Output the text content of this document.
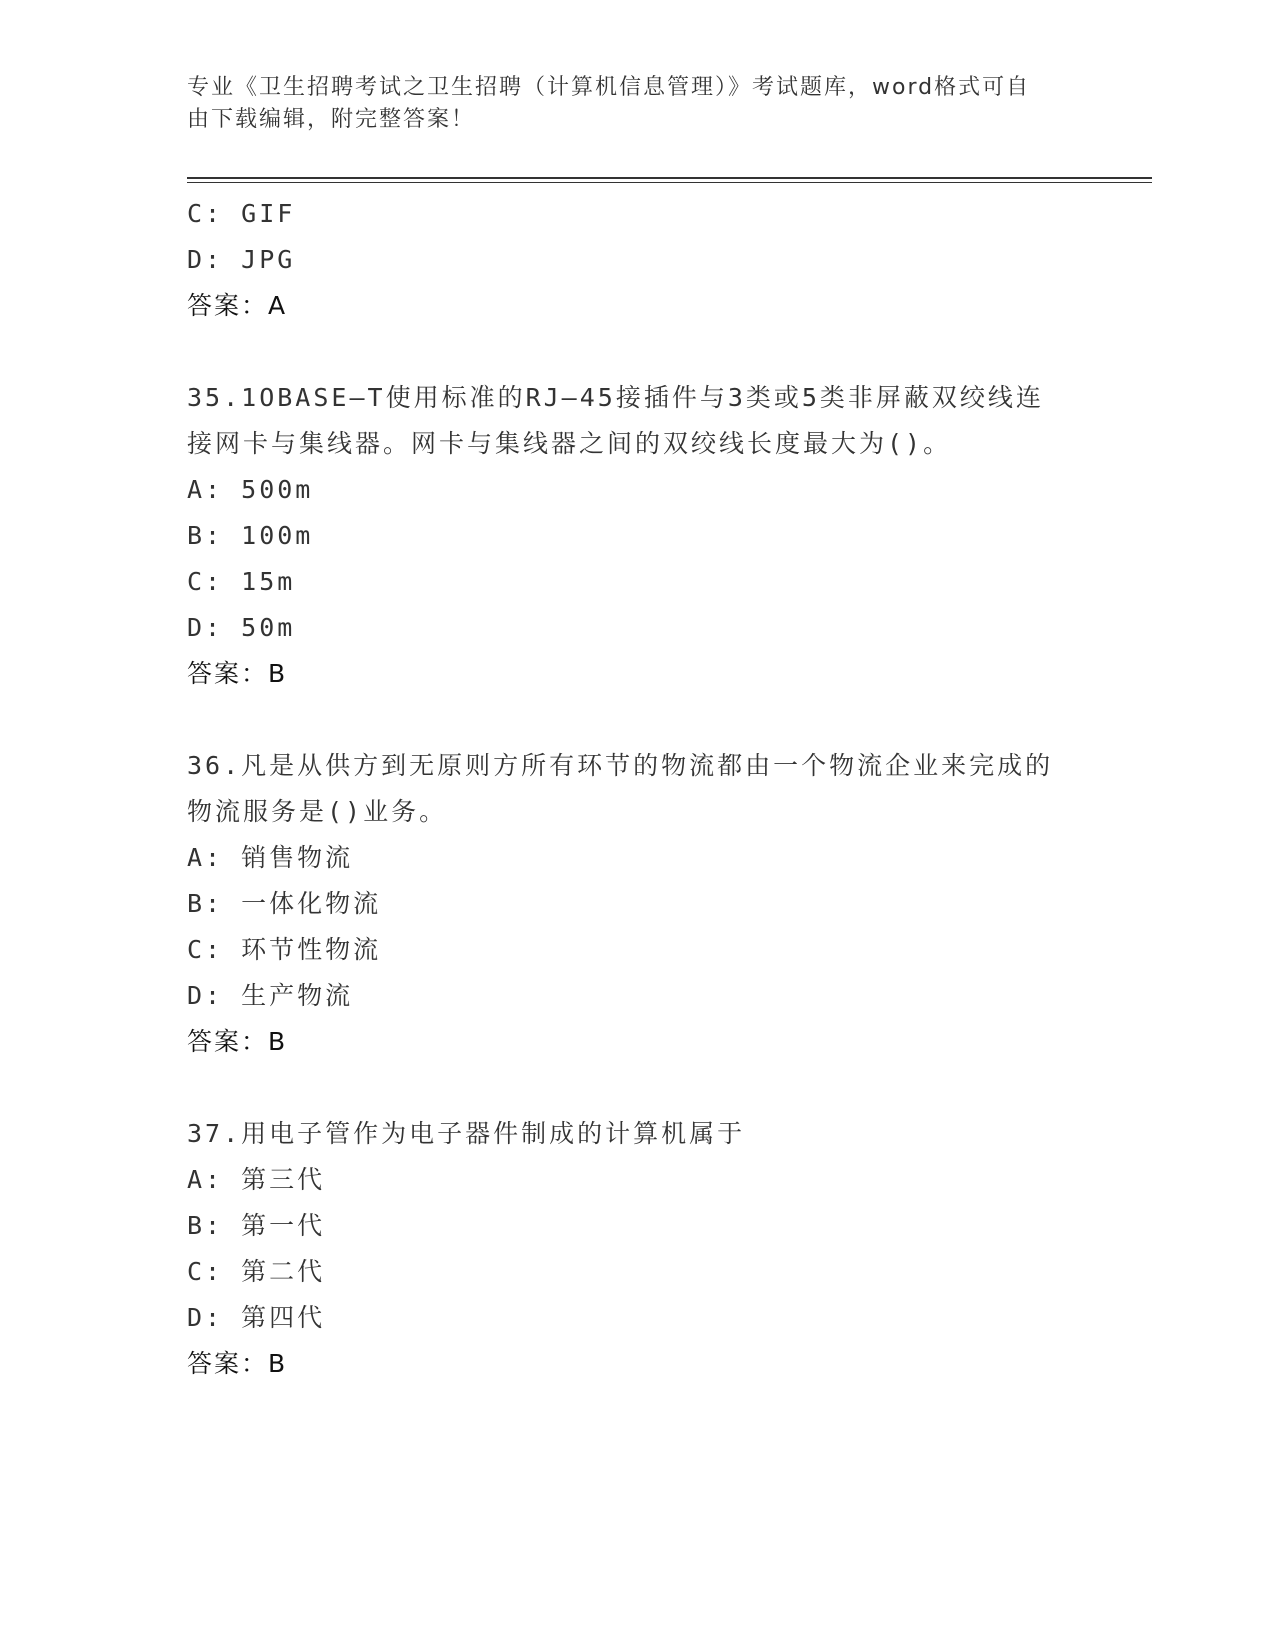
专业《卫生招聘考试之卫生招聘（计算机信息管理）》考试题库，word格式可自
由下载编辑，附完整答案！
C: GIF
D: JPG
答案：A
35.1OBASE—T使用标准的RJ—45接插件与3类或5类非屏蔽双绞线连
接网卡与集线器。网卡与集线器之间的双绞线长度最大为()。
A: 500m
B: 100m
C: 15m
D: 50m
答案：B
36.凡是从供方到无原则方所有环节的物流都由一个物流企业来完成的
物流服务是()业务。
A: 销售物流
B: 一体化物流
C: 环节性物流
D: 生产物流
答案：B
37.用电子管作为电子器件制成的计算机属于
A: 第三代
B: 第一代
C: 第二代
D: 第四代
答案：B
